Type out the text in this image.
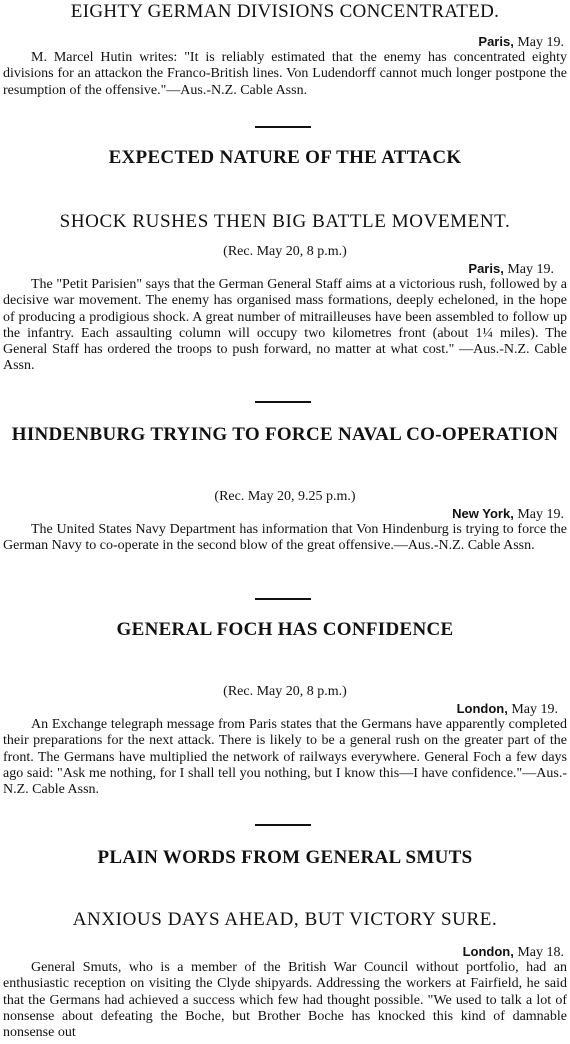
EIGHTY GERMAN DIVISIONS CONCENTRATED.
Paris, May 19.

M. Marcel Hutin writes: "It is reliably estimated that the enemy has concentrated eighty divisions for an attackon the Franco-British lines. Von Ludendorff cannot much longer postpone the resumption of the offensive."—Aus.-N.Z. Cable Assn.

EXPECTED NATURE OF THE ATTACK
SHOCK RUSHES THEN BIG BATTLE MOVEMENT.
(Rec. May 20, 8 p.m.)
Paris, May 19.

The "Petit Parisien" says that the German General Staff aims at a victorious rush, followed by a decisive war movement. The enemy has organised mass formations, deeply echeloned, in the hope of producing a prodigious shock. A great number of mitrailleuses have been assembled to follow up the infantry. Each assaulting column will occupy two kilometres front (about 1¼ miles). The General Staff has ordered the troops to push forward, no matter at what cost." —Aus.-N.Z. Cable Assn.

HINDENBURG TRYING TO FORCE NAVAL CO-OPERATION
(Rec. May 20, 9.25 p.m.)
New York, May 19.

The United States Navy Department has information that Von Hindenburg is trying to force the German Navy to co-operate in the second blow of the great offensive.—Aus.-N.Z. Cable Assn.

GENERAL FOCH HAS CONFIDENCE
(Rec. May 20, 8 p.m.)
London, May 19.

An Exchange telegraph message from Paris states that the Germans have apparently completed their preparations for the next attack. There is likely to be a general rush on the greater part of the front. The Germans have multiplied the network of railways everywhere. General Foch a few days ago said: "Ask me nothing, for I shall tell you nothing, but I know this—I have confidence."—Aus.-N.Z. Cable Assn.

PLAIN WORDS FROM GENERAL SMUTS
ANXIOUS DAYS AHEAD, BUT VICTORY SURE.
London, May 18.

General Smuts, who is a member of the British War Council without portfolio, had an enthusiastic reception on visiting the Clyde shipyards. Addressing the workers at Fairfield, he said that the Germans had achieved a success which few had thought possible. "We used to talk a lot of nonsense about defeating the Boche, but Brother Boche has knocked this kind of damnable nonsense out
